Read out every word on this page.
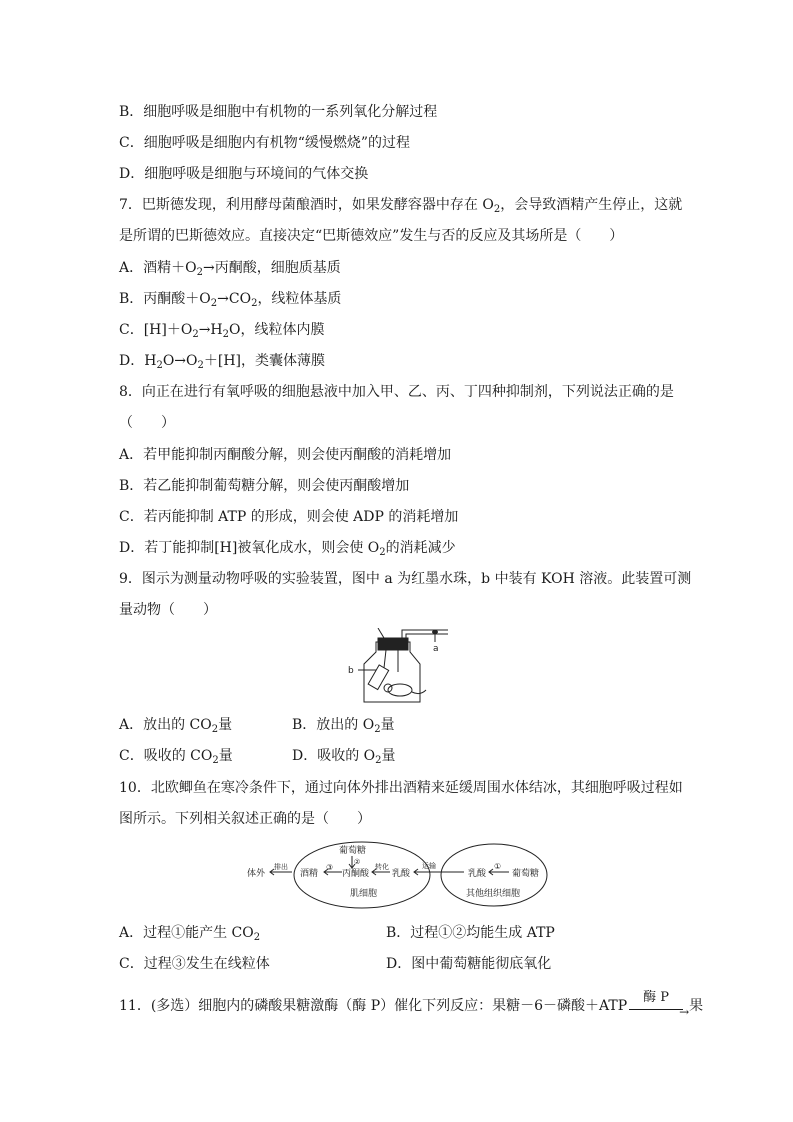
B．细胞呼吸是细胞中有机物的一系列氧化分解过程
C．细胞呼吸是细胞内有机物“缓慢燃烧”的过程
D．细胞呼吸是细胞与环境间的气体交换
7．巴斯德发现，利用酵母菌酿酒时，如果发酵容器中存在 $O_2$，会导致酒精产生停止，这就
是所谓的巴斯德效应。直接决定“巴斯德效应”发生与否的反应及其场所是（　　）
A．酒精$+O_2\to$丙酮酸，细胞质基质
B．丙酮酸$+O_2\to CO_2$，线粒体基质
C．$[H]+O_2\to H_2O$，线粒体内膜
D．$H_2O\to O_2+[H]$，类囊体薄膜
8．向正在进行有氧呼吸的细胞悬液中加入甲、乙、丙、丁四种抑制剂，下列说法正确的是
（　　）
A．若甲能抑制丙酮酸分解，则会使丙酮酸的消耗增加
B．若乙能抑制葡萄糖分解，则会使丙酮酸增加
C．若丙能抑制 ATP 的形成，则会使 ADP 的消耗增加
D．若丁能抑制[H]被氧化成水，则会使 $O_2$的消耗减少
9．图示为测量动物呼吸的实验装置，图中 a 为红墨水珠，b 中装有 KOH 溶液。此装置可测
量动物（　　）
a
b
A．放出的 $CO_2$量	B．放出的 $O_2$量
C．吸收的 $CO_2$量	D．吸收的 $O_2$量
10．北欧鲫鱼在寒冷条件下，通过向体外排出酒精来延缓周围水体结冰，其细胞呼吸过程如
图所示。下列相关叙述正确的是（　　）
体外
排出
酒精
③
葡萄糖
②
丙酮酸
转化
乳酸
肌细胞
运输
乳酸
①
葡萄糖
其他组织细胞
A．过程①能产生 $CO_2$	B．过程①②均能生成 ATP
C．过程③发生在线粒体	D．图中葡萄糖能彻底氧化
11．(多选）细胞内的磷酸果糖激酶（酶 P）催化下列反应：果糖－6－磷酸＋ATP
酶 P
→ 果
